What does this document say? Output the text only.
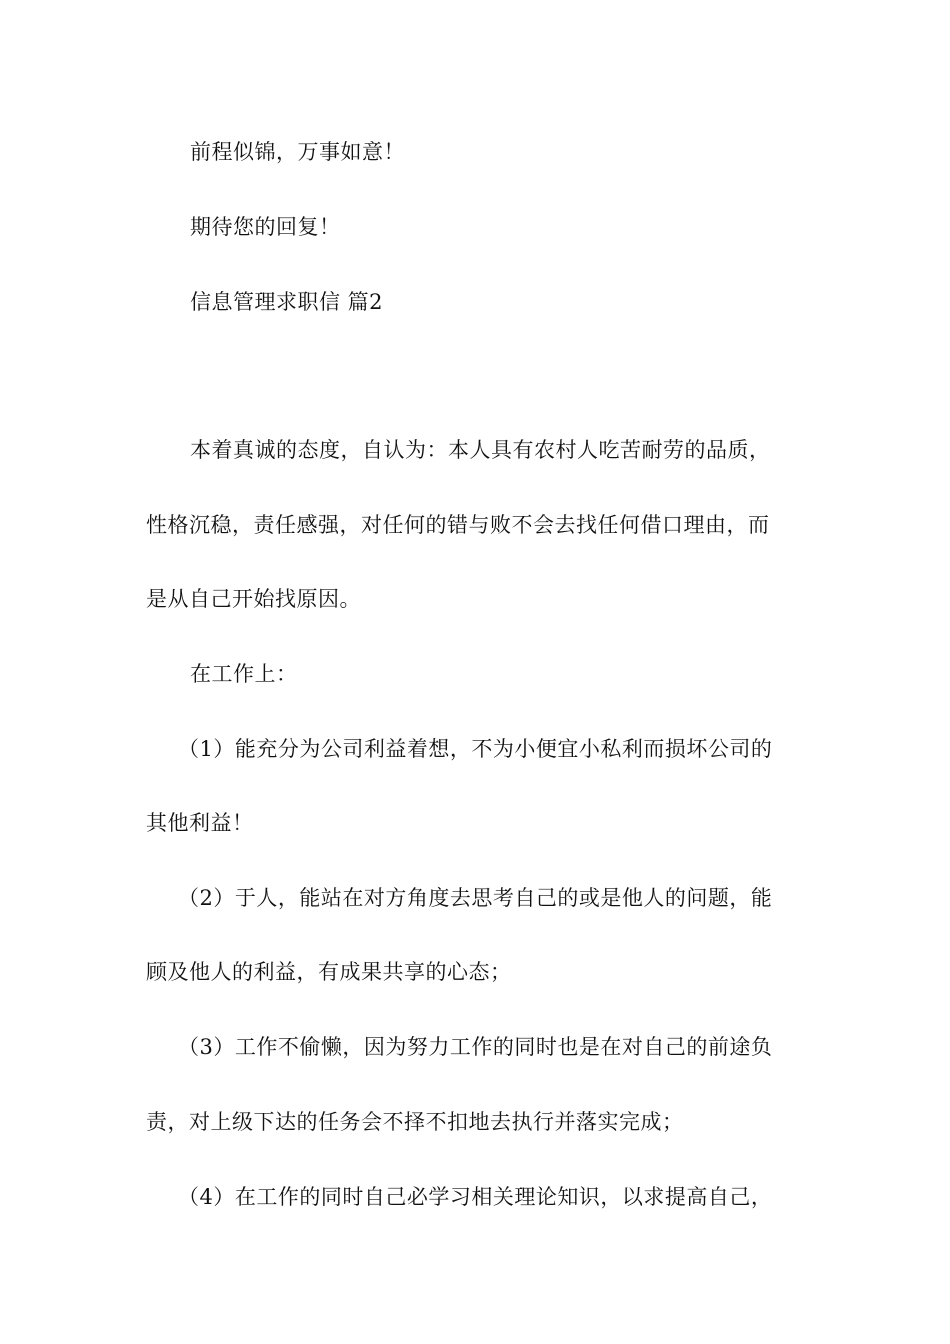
前程似锦，万事如意！
期待您的回复！
信息管理求职信 篇2
本着真诚的态度，自认为：本人具有农村人吃苦耐劳的品质，
性格沉稳，责任感强，对任何的错与败不会去找任何借口理由，而
是从自己开始找原因。
在工作上：
（1）能充分为公司利益着想，不为小便宜小私利而损坏公司的
其他利益！
（2）于人，能站在对方角度去思考自己的或是他人的问题，能
顾及他人的利益，有成果共享的心态；
（3）工作不偷懒，因为努力工作的同时也是在对自己的前途负
责，对上级下达的任务会不择不扣地去执行并落实完成；
（4）在工作的同时自己必学习相关理论知识，以求提高自己，
